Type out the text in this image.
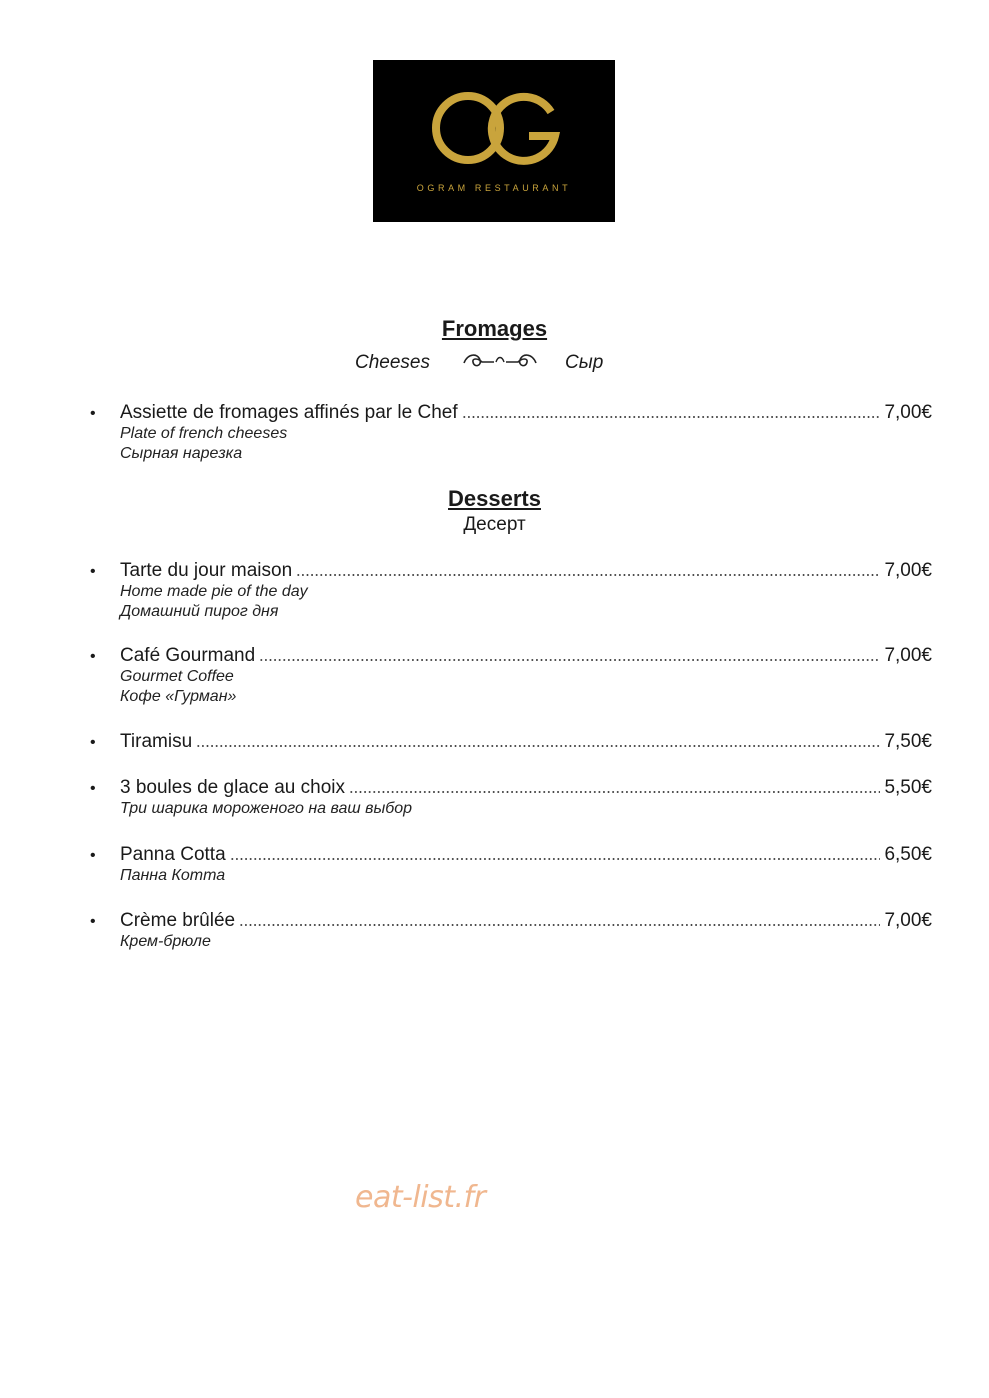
OGRAM RESTAURANT
Fromages
Cheeses	Сыр
•	Assiette de fromages affinés par le Chef	7,00€
Plate of french cheeses
Сырная нарезка
Desserts
Десерт
•	Tarte du jour maison	7,00€
Home made pie of the day
Домашний пирог дня
•	Café Gourmand	7,00€
Gourmet Coffee
Кофе «Гурман»
•	Tiramisu	7,50€
•	3 boules de glace au choix	5,50€
Три шарика мороженого на ваш выбор
•	Panna Cotta	6,50€
Панна Котта
•	Crème brûlée	7,00€
Крем-брюле
eat-list.fr
